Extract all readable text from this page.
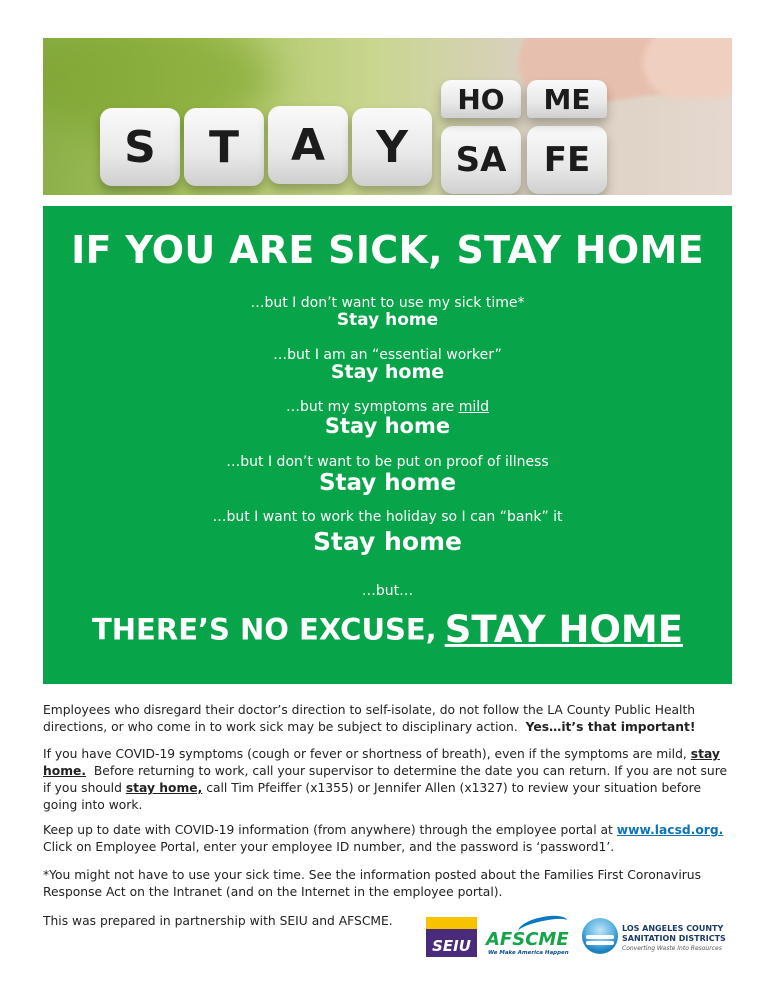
S T A Y SA FE
HO ME
IF YOU ARE SICK, STAY HOME
…but I don’t want to use my sick time*
Stay home
…but I am an “essential worker”
Stay home
…but my symptoms are mild
Stay home
…but I don’t want to be put on proof of illness
Stay home
…but I want to work the holiday so I can “bank” it
Stay home
…but…
THERE’S NO EXCUSE, STAY HOME
Employees who disregard their doctor’s direction to self-isolate, do not follow the LA County Public Health directions, or who come in to work sick may be subject to disciplinary action. Yes…it’s that important!
If you have COVID-19 symptoms (cough or fever or shortness of breath), even if the symptoms are mild, stay home. Before returning to work, call your supervisor to determine the date you can return. If you are not sure if you should stay home, call Tim Pfeiffer (x1355) or Jennifer Allen (x1327) to review your situation before going into work.
Keep up to date with COVID-19 information (from anywhere) through the employee portal at www.lacsd.org. Click on Employee Portal, enter your employee ID number, and the password is ‘password1’.
*You might not have to use your sick time. See the information posted about the Families First Coronavirus Response Act on the Intranet (and on the Internet in the employee portal).
This was prepared in partnership with SEIU and AFSCME.
SEIU AFSCME
We Make America Happen
LOS ANGELES COUNTY
SANITATION DISTRICTS
Converting Waste Into Resources
